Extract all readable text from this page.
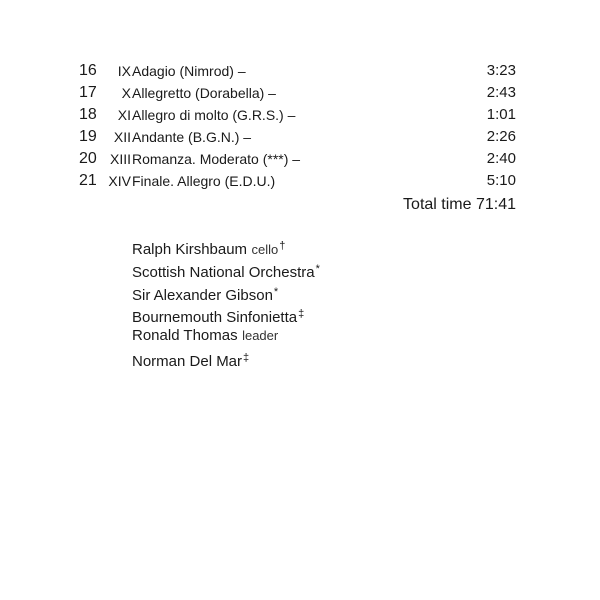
16	IX Adagio (Nimrod) –	3:23
17	X Allegretto (Dorabella) –	2:43
18	XI Allegro di molto (G.R.S.) –	1:01
19	XII Andante (B.G.N.) –	2:26
20 XIII Romanza. Moderato (***) –	2:40
21 XIV Finale. Allegro (E.D.U.)	5:10
Total time 71:41
Ralph Kirshbaum cello†
Scottish National Orchestra*
Sir Alexander Gibson*
Bournemouth Sinfonietta‡
Ronald Thomas leader
Norman Del Mar‡
